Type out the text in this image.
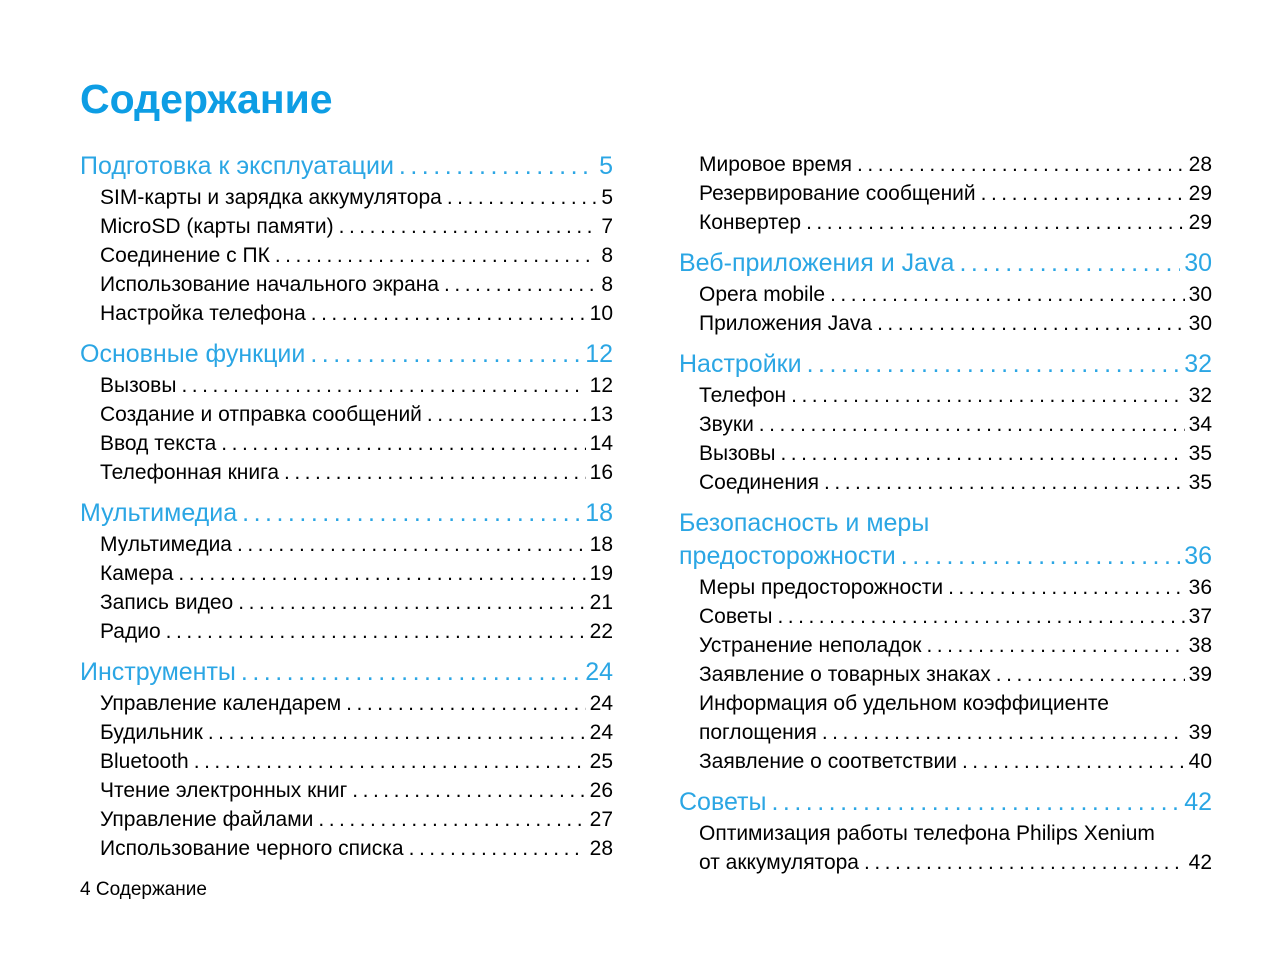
Содержание
Подготовка к эксплуатации .....	5
SIM-карты и зарядка аккумулятора .....	5
MicroSD (карты памяти) .....	7
Соединение с ПК .....	8
Использование начального экрана .....	8
Настройка телефона .....	10
Основные функции .....	12
Вызовы .....	12
Создание и отправка сообщений .....	13
Ввод текста .....	14
Телефонная книга .....	16
Мультимедиа .....	18
Мультимедиа .....	18
Камера .....	19
Запись видео .....	21
Радио .....	22
Инструменты .....	24
Управление календарем .....	24
Будильник .....	24
Bluetooth .....	25
Чтение электронных книг .....	26
Управление файлами .....	27
Использование черного списка .....	28
Мировое время .....	28
Резервирование сообщений .....	29
Конвертер .....	29
Веб-приложения и Java .....	30
Opera mobile .....	30
Приложения Java .....	30
Настройки .....	32
Телефон .....	32
Звуки .....	34
Вызовы .....	35
Соединения .....	35
Безопасность и меры
предосторожности .....	36
Меры предосторожности .....	36
Советы .....	37
Устранение неполадок .....	38
Заявление о товарных знаках .....	39
Информация об удельном коэффициенте
поглощения .....	39
Заявление о соответствии .....	40
Советы .....	42
Оптимизация работы телефона Philips Xenium
от аккумулятора .....	42
4 Содержание
